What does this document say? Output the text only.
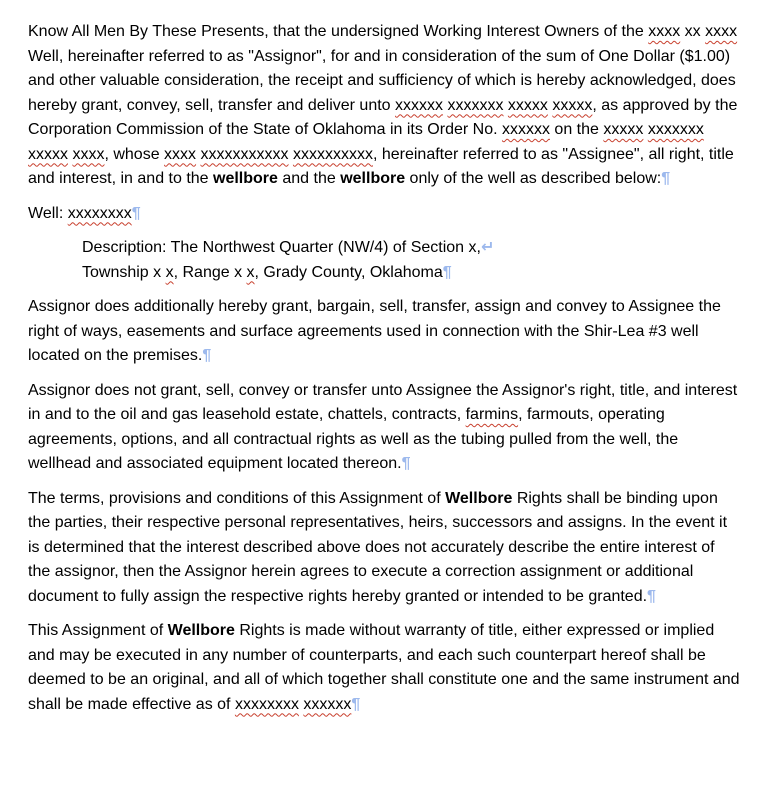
Know All Men By These Presents, that the undersigned Working Interest Owners of the xxxx xx xxxx Well, hereinafter referred to as "Assignor", for and in consideration of the sum of One Dollar ($1.00) and other valuable consideration, the receipt and sufficiency of which is hereby acknowledged, does hereby grant, convey, sell, transfer and deliver unto xxxxxx xxxxxxx xxxxx xxxxx, as approved by the Corporation Commission of the State of Oklahoma in its Order No. xxxxxx on the xxxxx xxxxxxx xxxxx xxxx, whose xxxx xxxxxxxxxxx xxxxxxxxxx, hereinafter referred to as "Assignee", all right, title and interest, in and to the wellbore and the wellbore only of the well as described below:¶

Well: xxxxxxxx¶

Description: The Northwest Quarter (NW/4) of Section x,↵
Township x x, Range x x, Grady County, Oklahoma¶

Assignor does additionally hereby grant, bargain, sell, transfer, assign and convey to Assignee the right of ways, easements and surface agreements used in connection with the Shir-Lea #3 well located on the premises.¶

Assignor does not grant, sell, convey or transfer unto Assignee the Assignor's right, title, and interest in and to the oil and gas leasehold estate, chattels, contracts, farmins, farmouts, operating agreements, options, and all contractual rights as well as the tubing pulled from the well, the wellhead and associated equipment located thereon.¶

The terms, provisions and conditions of this Assignment of Wellbore Rights shall be binding upon the parties, their respective personal representatives, heirs, successors and assigns. In the event it is determined that the interest described above does not accurately describe the entire interest of the assignor, then the Assignor herein agrees to execute a correction assignment or additional document to fully assign the respective rights hereby granted or intended to be granted.¶

This Assignment of Wellbore Rights is made without warranty of title, either expressed or implied and may be executed in any number of counterparts, and each such counterpart hereof shall be deemed to be an original, and all of which together shall constitute one and the same instrument and shall be made effective as of xxxxxxxx xxxxxx¶
